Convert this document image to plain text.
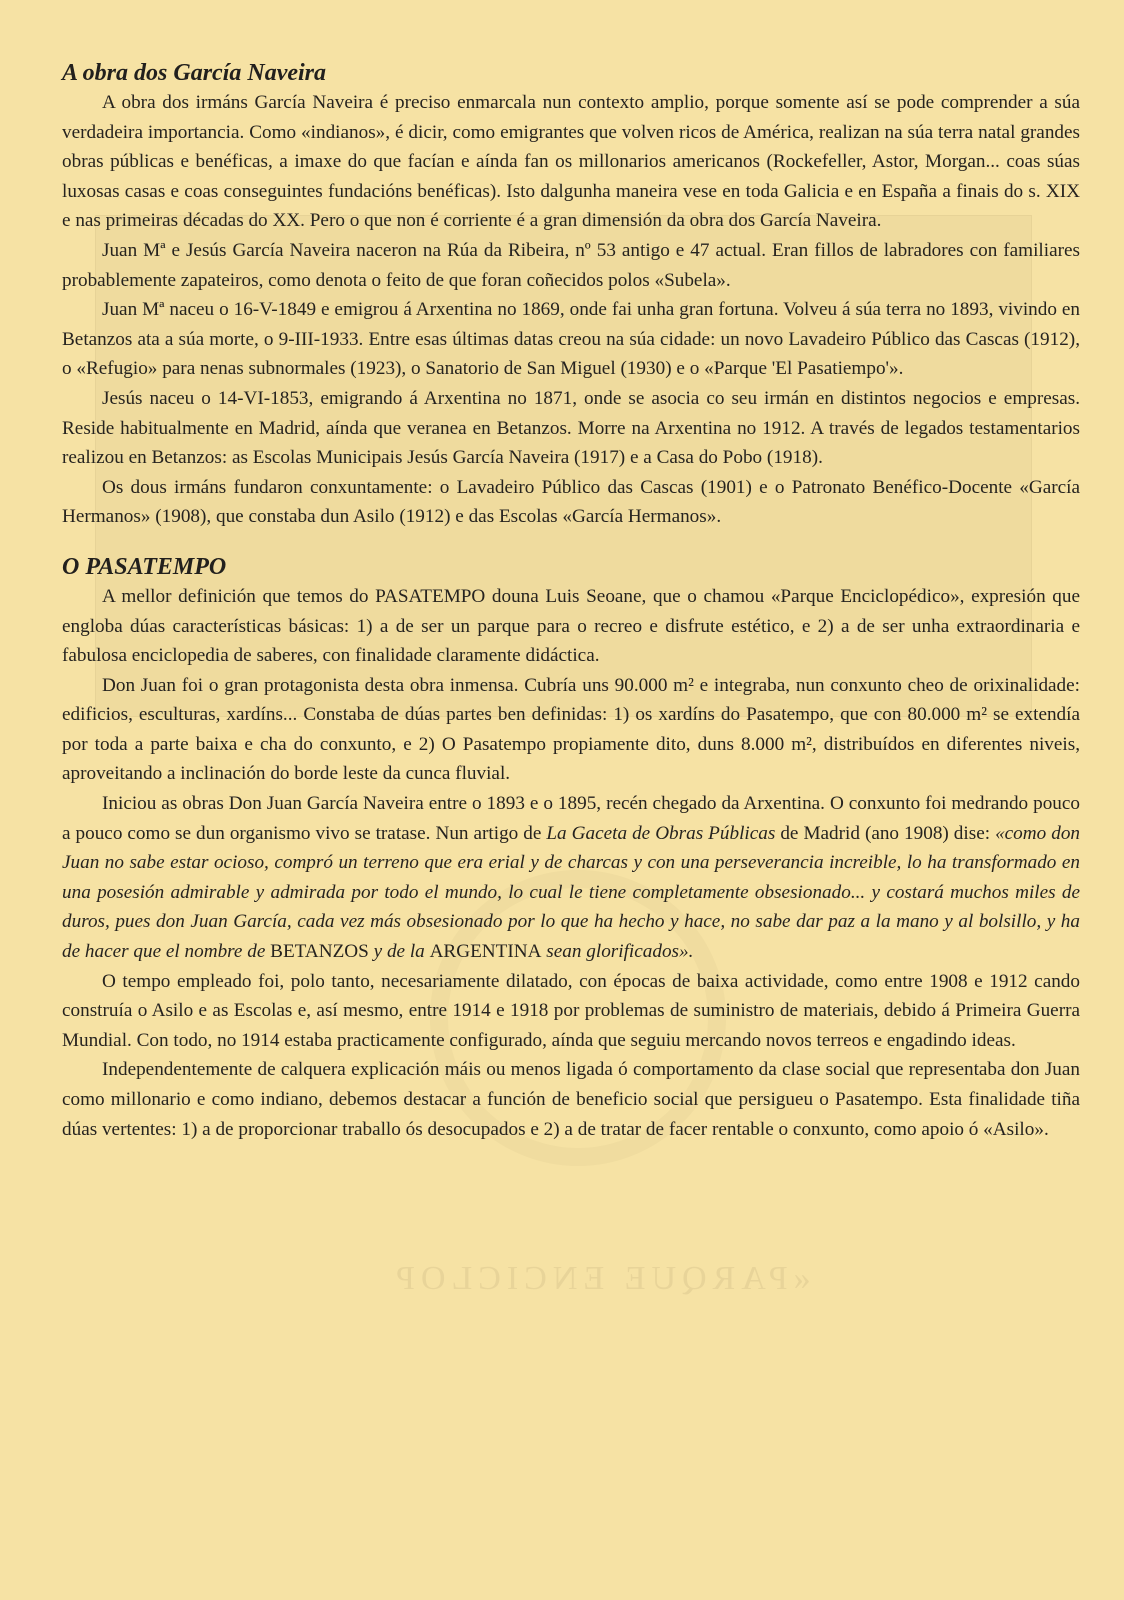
«PARQUE ENCICLOP
A obra dos García Naveira

A obra dos irmáns García Naveira é preciso enmarcala nun contexto amplio, porque somente así se pode comprender a súa verdadeira importancia. Como «indianos», é dicir, como emigrantes que volven ricos de América, realizan na súa terra natal grandes obras públicas e benéficas, a imaxe do que facían e aínda fan os millonarios americanos (Rockefeller, Astor, Morgan... coas súas luxosas casas e coas conseguintes fundacións benéficas). Isto dalgunha maneira vese en toda Galicia e en España a finais do s. XIX e nas primeiras décadas do XX. Pero o que non é corriente é a gran dimensión da obra dos García Naveira.

Juan Mª e Jesús García Naveira naceron na Rúa da Ribeira, nº 53 antigo e 47 actual. Eran fillos de labradores con familiares probablemente zapateiros, como denota o feito de que foran coñecidos polos «Subela».

Juan Mª naceu o 16-V-1849 e emigrou á Arxentina no 1869, onde fai unha gran fortuna. Volveu á súa terra no 1893, vivindo en Betanzos ata a súa morte, o 9-III-1933. Entre esas últimas datas creou na súa cidade: un novo Lavadeiro Público das Cascas (1912), o «Refugio» para nenas subnormales (1923), o Sanatorio de San Miguel (1930) e o «Parque 'El Pasatiempo'».

Jesús naceu o 14-VI-1853, emigrando á Arxentina no 1871, onde se asocia co seu irmán en distintos negocios e empresas. Reside habitualmente en Madrid, aínda que veranea en Betanzos. Morre na Arxentina no 1912. A través de legados testamentarios realizou en Betanzos: as Escolas Municipais Jesús García Naveira (1917) e a Casa do Pobo (1918).

Os dous irmáns fundaron conxuntamente: o Lavadeiro Público das Cascas (1901) e o Patronato Benéfico-Docente «García Hermanos» (1908), que constaba dun Asilo (1912) e das Escolas «García Hermanos».

O PASATEMPO

A mellor definición que temos do PASATEMPO douna Luis Seoane, que o chamou «Parque Enciclopédico», expresión que engloba dúas características básicas: 1) a de ser un parque para o recreo e disfrute estético, e 2) a de ser unha extraordinaria e fabulosa enciclopedia de saberes, con finalidade claramente didáctica.

Don Juan foi o gran protagonista desta obra inmensa. Cubría uns 90.000 m² e integraba, nun conxunto cheo de orixinalidade: edificios, esculturas, xardíns... Constaba de dúas partes ben definidas: 1) os xardíns do Pasatempo, que con 80.000 m² se extendía por toda a parte baixa e cha do conxunto, e 2) O Pasatempo propiamente dito, duns 8.000 m², distribuídos en diferentes niveis, aproveitando a inclinación do borde leste da cunca fluvial.

Iniciou as obras Don Juan García Naveira entre o 1893 e o 1895, recén chegado da Arxentina. O conxunto foi medrando pouco a pouco como se dun organismo vivo se tratase. Nun artigo de La Gaceta de Obras Públicas de Madrid (ano 1908) dise: «como don Juan no sabe estar ocioso, compró un terreno que era erial y de charcas y con una perseverancia increible, lo ha transformado en una posesión admirable y admirada por todo el mundo, lo cual le tiene completamente obsesionado... y costará muchos miles de duros, pues don Juan García, cada vez más obsesionado por lo que ha hecho y hace, no sabe dar paz a la mano y al bolsillo, y ha de hacer que el nombre de BETANZOS y de la ARGENTINA sean glorificados».

O tempo empleado foi, polo tanto, necesariamente dilatado, con épocas de baixa actividade, como entre 1908 e 1912 cando construía o Asilo e as Escolas e, así mesmo, entre 1914 e 1918 por problemas de suministro de materiais, debido á Primeira Guerra Mundial. Con todo, no 1914 estaba practicamente configurado, aínda que seguiu mercando novos terreos e engadindo ideas.

Independentemente de calquera explicación máis ou menos ligada ó comportamento da clase social que representaba don Juan como millonario e como indiano, debemos destacar a función de beneficio social que persigueu o Pasatempo. Esta finalidade tiña dúas vertentes: 1) a de proporcionar traballo ós desocupados e 2) a de tratar de facer rentable o conxunto, como apoio ó «Asilo».
